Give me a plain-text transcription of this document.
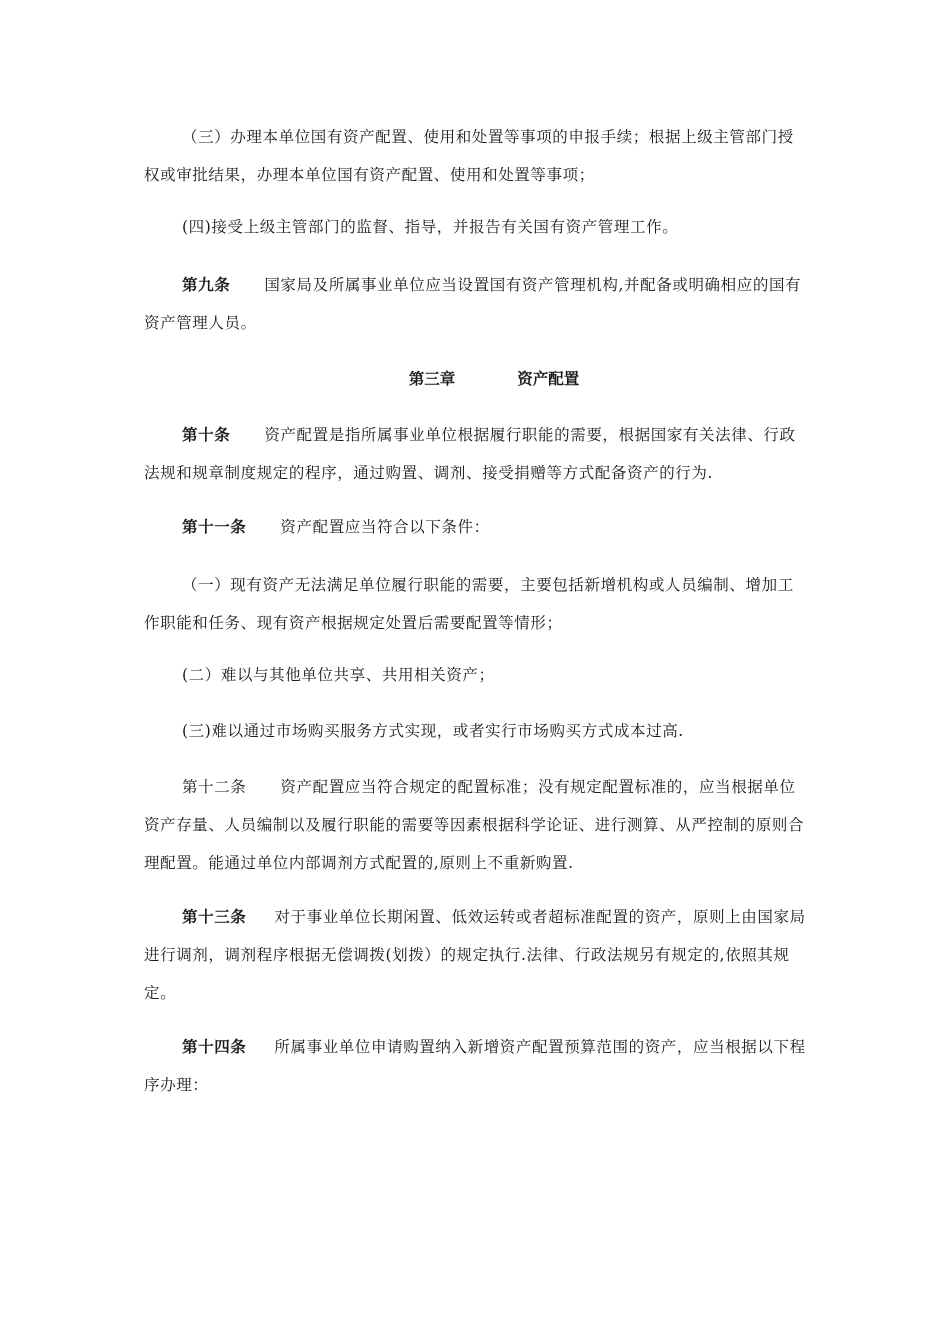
（三）办理本单位国有资产配置、使用和处置等事项的申报手续；根据上级主管部门授权或审批结果，办理本单位国有资产配置、使用和处置等事项；

(四)接受上级主管部门的监督、指导，并报告有关国有资产管理工作。

第九条 国家局及所属事业单位应当设置国有资产管理机构,并配备或明确相应的国有资产管理人员。

第三章	资产配置

第十条 资产配置是指所属事业单位根据履行职能的需要，根据国家有关法律、行政法规和规章制度规定的程序，通过购置、调剂、接受捐赠等方式配备资产的行为.

第十一条 资产配置应当符合以下条件：

（一）现有资产无法满足单位履行职能的需要，主要包括新增机构或人员编制、增加工作职能和任务、现有资产根据规定处置后需要配置等情形；

(二）难以与其他单位共享、共用相关资产；

(三)难以通过市场购买服务方式实现，或者实行市场购买方式成本过高.

第十二条 资产配置应当符合规定的配置标准；没有规定配置标准的，应当根据单位资产存量、人员编制以及履行职能的需要等因素根据科学论证、进行测算、从严控制的原则合理配置。能通过单位内部调剂方式配置的,原则上不重新购置.

第十三条 对于事业单位长期闲置、低效运转或者超标准配置的资产，原则上由国家局进行调剂，调剂程序根据无偿调拨(划拨）的规定执行.法律、行政法规另有规定的,依照其规定。

第十四条 所属事业单位申请购置纳入新增资产配置预算范围的资产，应当根据以下程序办理：
